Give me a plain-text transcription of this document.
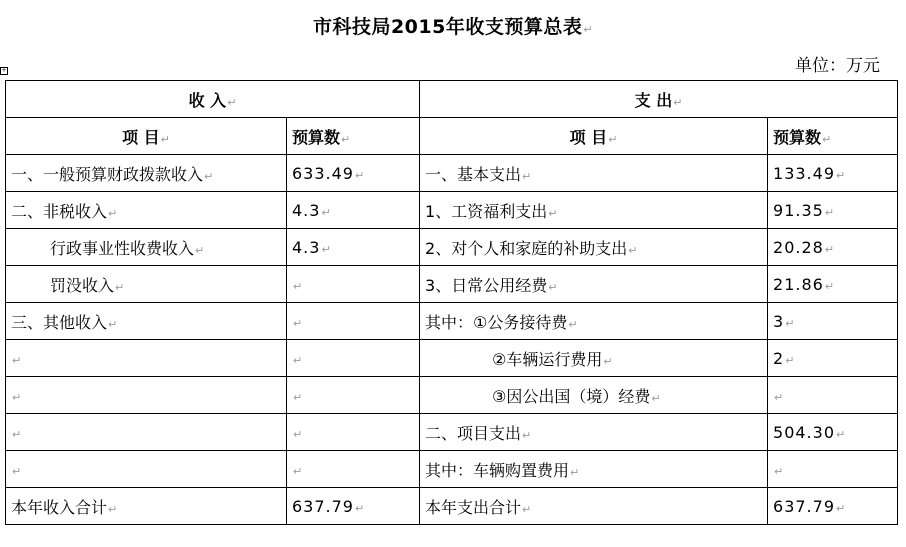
市科技局2015年收支预算总表↵
单位：万元
+
收 入↵		支 出↵	
项 目↵	预算数↵	项 目↵	预算数↵
一、一般预算财政拨款收入↵	633.49↵	一、基本支出↵	133.49↵
二、非税收入↵	4.3↵	1、工资福利支出↵	91.35↵
行政事业性收费收入↵	4.3↵	2、对个人和家庭的补助支出↵	20.28↵
罚没收入↵	↵	3、日常公用经费↵	21.86↵
三、其他收入↵	↵	其中：①公务接待费↵	3↵
↵	↵	②车辆运行费用↵	2↵
↵	↵	③因公出国（境）经费↵	↵
↵	↵	二、项目支出↵	504.30↵
↵	↵	其中：车辆购置费用↵	↵
本年收入合计↵	637.79↵	本年支出合计↵	637.79↵
